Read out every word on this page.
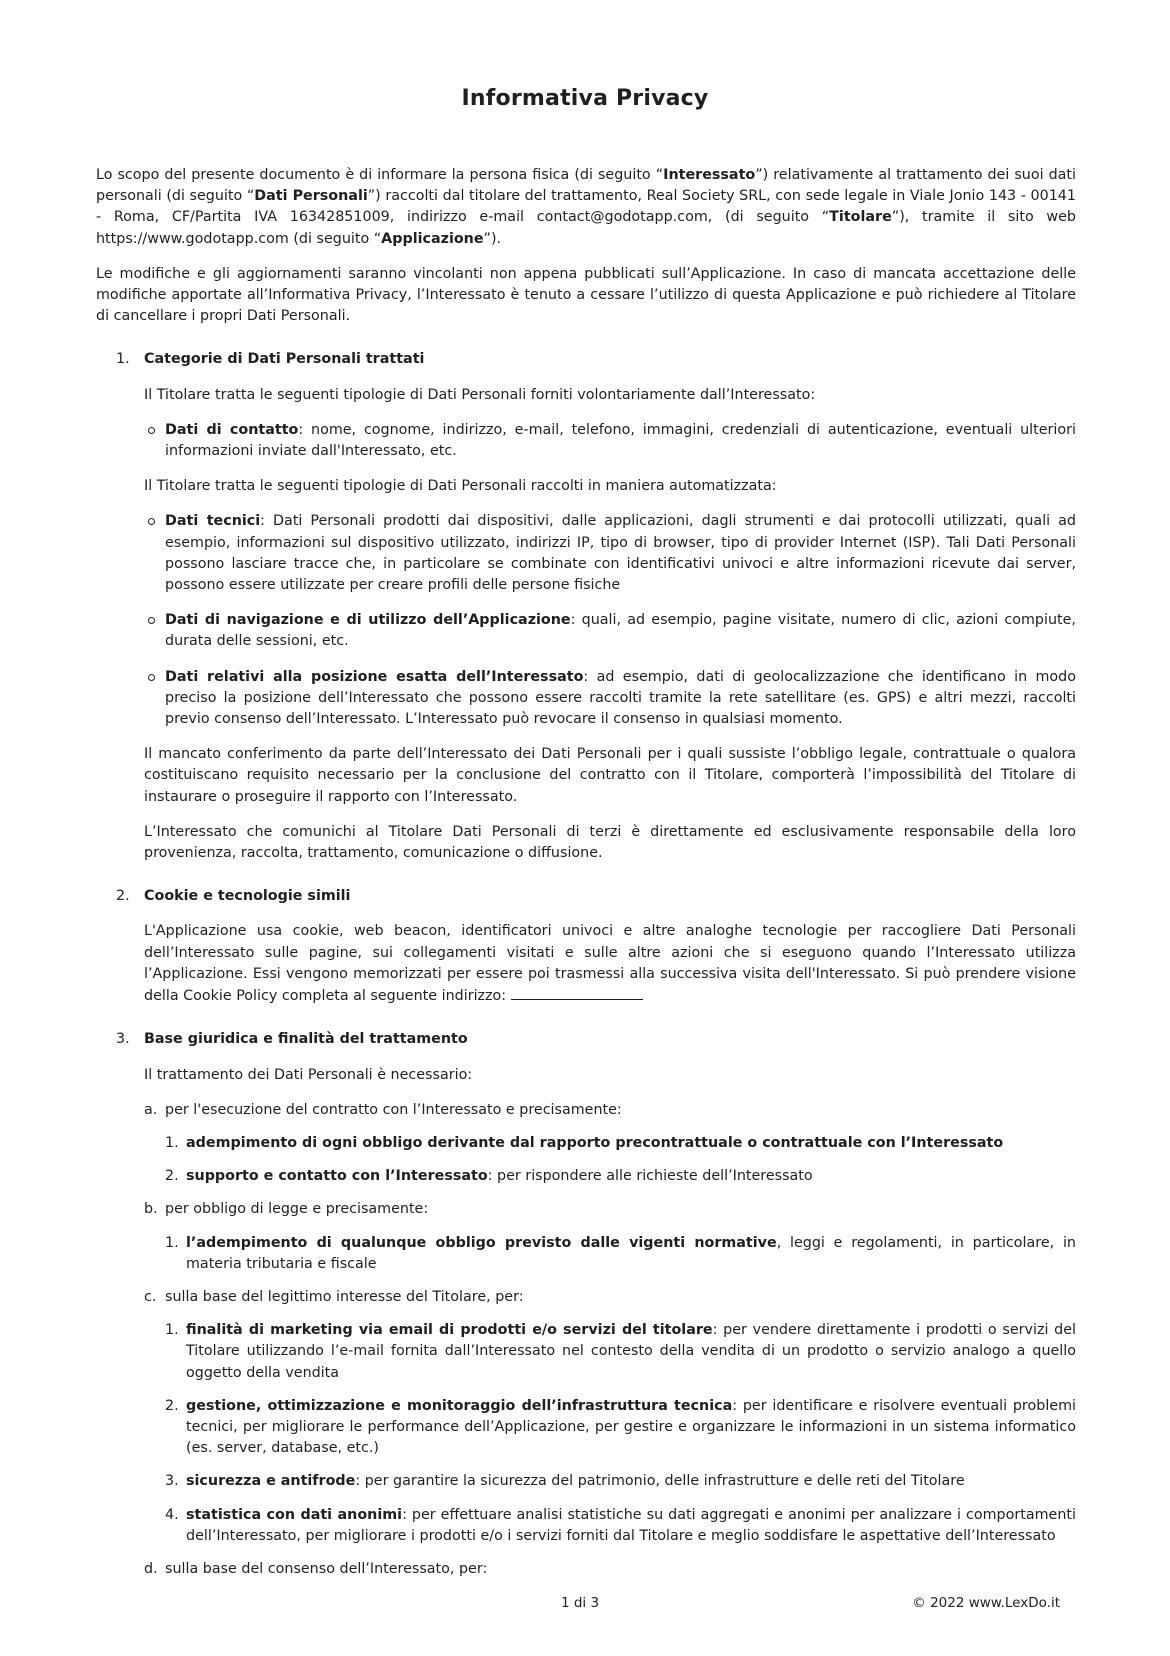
Informativa Privacy

Lo scopo del presente documento è di informare la persona fisica (di seguito “Interessato”) relativamente al trattamento dei suoi dati personali (di seguito “Dati Personali”) raccolti dal titolare del trattamento, Real Society SRL, con sede legale in Viale Jonio 143 - 00141 - Roma, CF/Partita IVA 16342851009, indirizzo e-mail contact@godotapp.com, (di seguito “Titolare”), tramite il sito web https://www.godotapp.com (di seguito “Applicazione”).

Le modifiche e gli aggiornamenti saranno vincolanti non appena pubblicati sull’Applicazione. In caso di mancata accettazione delle modifiche apportate all’Informativa Privacy, l’Interessato è tenuto a cessare l’utilizzo di questa Applicazione e può richiedere al Titolare di cancellare i propri Dati Personali.

1. Categorie di Dati Personali trattati

Il Titolare tratta le seguenti tipologie di Dati Personali forniti volontariamente dall’Interessato:

Dati di contatto: nome, cognome, indirizzo, e-mail, telefono, immagini, credenziali di autenticazione, eventuali ulteriori informazioni inviate dall'Interessato, etc.

Il Titolare tratta le seguenti tipologie di Dati Personali raccolti in maniera automatizzata:

Dati tecnici: Dati Personali prodotti dai dispositivi, dalle applicazioni, dagli strumenti e dai protocolli utilizzati, quali ad esempio, informazioni sul dispositivo utilizzato, indirizzi IP, tipo di browser, tipo di provider Internet (ISP). Tali Dati Personali possono lasciare tracce che, in particolare se combinate con identificativi univoci e altre informazioni ricevute dai server, possono essere utilizzate per creare profili delle persone fisiche
Dati di navigazione e di utilizzo dell’Applicazione: quali, ad esempio, pagine visitate, numero di clic, azioni compiute, durata delle sessioni, etc.
Dati relativi alla posizione esatta dell’Interessato: ad esempio, dati di geolocalizzazione che identificano in modo preciso la posizione dell’Interessato che possono essere raccolti tramite la rete satellitare (es. GPS) e altri mezzi, raccolti previo consenso dell’Interessato. L’Interessato può revocare il consenso in qualsiasi momento.

Il mancato conferimento da parte dell’Interessato dei Dati Personali per i quali sussiste l’obbligo legale, contrattuale o qualora costituiscano requisito necessario per la conclusione del contratto con il Titolare, comporterà l’impossibilità del Titolare di instaurare o proseguire il rapporto con l’Interessato.

L’Interessato che comunichi al Titolare Dati Personali di terzi è direttamente ed esclusivamente responsabile della loro provenienza, raccolta, trattamento, comunicazione o diffusione.

2. Cookie e tecnologie simili

L'Applicazione usa cookie, web beacon, identificatori univoci e altre analoghe tecnologie per raccogliere Dati Personali dell’Interessato sulle pagine, sui collegamenti visitati e sulle altre azioni che si eseguono quando l’Interessato utilizza l’Applicazione. Essi vengono memorizzati per essere poi trasmessi alla successiva visita dell'Interessato. Si può prendere visione della Cookie Policy completa al seguente indirizzo:

3. Base giuridica e finalità del trattamento

Il trattamento dei Dati Personali è necessario:

a. per l'esecuzione del contratto con l’Interessato e precisamente:
1. adempimento di ogni obbligo derivante dal rapporto precontrattuale o contrattuale con l’Interessato
2. supporto e contatto con l’Interessato: per rispondere alle richieste dell’Interessato
b. per obbligo di legge e precisamente:
1. l’adempimento di qualunque obbligo previsto dalle vigenti normative, leggi e regolamenti, in particolare, in materia tributaria e fiscale
c. sulla base del legittimo interesse del Titolare, per:
1. finalità di marketing via email di prodotti e/o servizi del titolare: per vendere direttamente i prodotti o servizi del Titolare utilizzando l’e-mail fornita dall’Interessato nel contesto della vendita di un prodotto o servizio analogo a quello oggetto della vendita
2. gestione, ottimizzazione e monitoraggio dell’infrastruttura tecnica: per identificare e risolvere eventuali problemi tecnici, per migliorare le performance dell’Applicazione, per gestire e organizzare le informazioni in un sistema informatico (es. server, database, etc.)
3. sicurezza e antifrode: per garantire la sicurezza del patrimonio, delle infrastrutture e delle reti del Titolare
4. statistica con dati anonimi: per effettuare analisi statistiche su dati aggregati e anonimi per analizzare i comportamenti dell’Interessato, per migliorare i prodotti e/o i servizi forniti dal Titolare e meglio soddisfare le aspettative dell’Interessato
d. sulla base del consenso dell’Interessato, per:
1 di 3	© 2022 www.LexDo.it
